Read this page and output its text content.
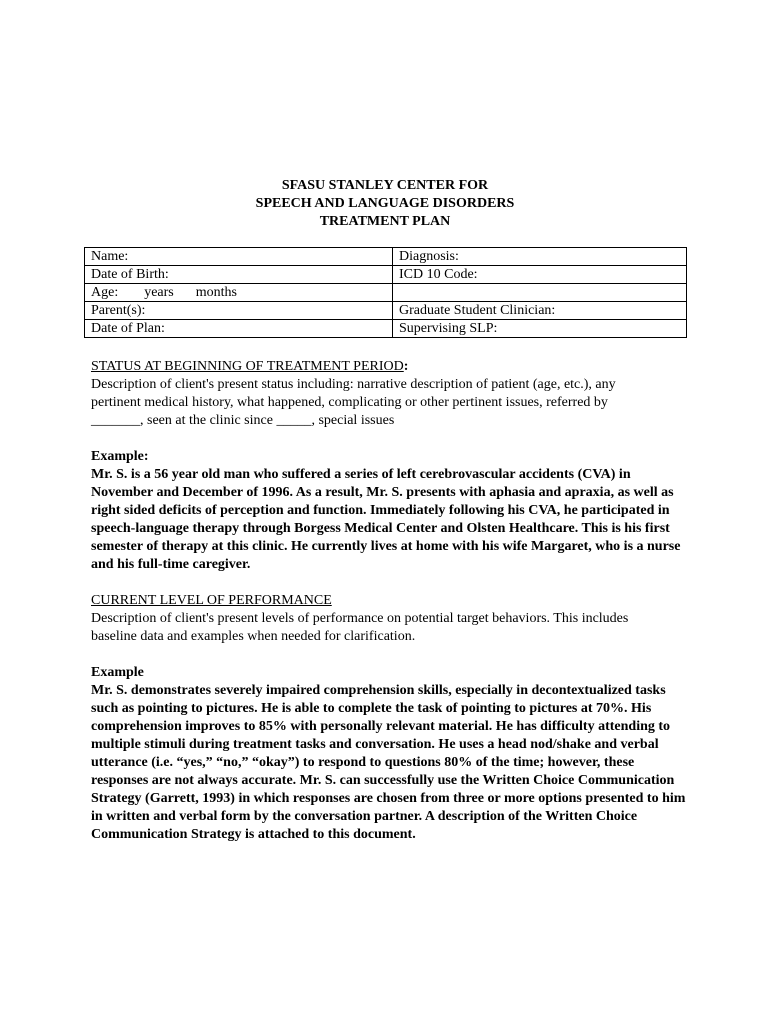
SFASU STANLEY CENTER FOR
SPEECH AND LANGUAGE DISORDERS
TREATMENT PLAN
Name:	Diagnosis:
Date of Birth:	ICD 10 Code:
Age: years months	
Parent(s):	Graduate Student Clinician:
Date of Plan:	Supervising SLP:

STATUS AT BEGINNING OF TREATMENT PERIOD:

Description of client's present status including: narrative description of patient (age, etc.), any

pertinent medical history, what happened, complicating or other pertinent issues, referred by

_______, seen at the clinic since _____, special issues

Example:

Mr. S. is a 56 year old man who suffered a series of left cerebrovascular accidents (CVA) in November and December of 1996. As a result, Mr. S. presents with aphasia and apraxia, as well as right sided deficits of perception and function. Immediately following his CVA, he participated in speech-language therapy through Borgess Medical Center and Olsten Healthcare. This is his first semester of therapy at this clinic. He currently lives at home with his wife Margaret, who is a nurse and his full-time caregiver.

CURRENT LEVEL OF PERFORMANCE

Description of client's present levels of performance on potential target behaviors. This includes

baseline data and examples when needed for clarification.

Example

Mr. S. demonstrates severely impaired comprehension skills, especially in decontextualized tasks such as pointing to pictures. He is able to complete the task of pointing to pictures at 70%. His comprehension improves to 85% with personally relevant material. He has difficulty attending to multiple stimuli during treatment tasks and conversation. He uses a head nod/shake and verbal utterance (i.e. “yes,” “no,” “okay”) to respond to questions 80% of the time; however, these responses are not always accurate. Mr. S. can successfully use the Written Choice Communication Strategy (Garrett, 1993) in which responses are chosen from three or more options presented to him in written and verbal form by the conversation partner. A description of the Written Choice Communication Strategy is attached to this document.
